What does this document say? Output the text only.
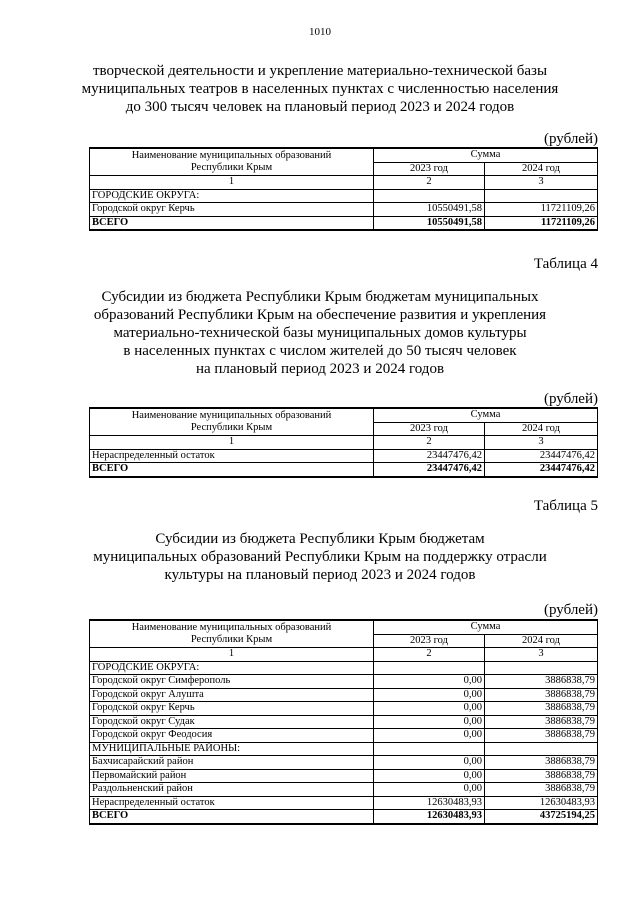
1010
творческой деятельности и укрепление материально-технической базы
муниципальных театров в населенных пунктах с численностью населения
до 300 тысяч человек на плановый период 2023 и 2024 годов
(рублей)
Наименование муниципальных образований
Республики Крым	Сумма	
	2023 год	2024 год
1	2	3
ГОРОДСКИЕ ОКРУГА:		
Городской округ Керчь	10550491,58	11721109,26
ВСЕГО	10550491,58	11721109,26
Таблица 4
Субсидии из бюджета Республики Крым бюджетам муниципальных
образований Республики Крым на обеспечение развития и укрепления
материально-технической базы муниципальных домов культуры
в населенных пунктах с числом жителей до 50 тысяч человек
на плановый период 2023 и 2024 годов
(рублей)
Наименование муниципальных образований
Республики Крым	Сумма	
	2023 год	2024 год
1	2	3
Нераспределенный остаток	23447476,42	23447476,42
ВСЕГО	23447476,42	23447476,42
Таблица 5
Субсидии из бюджета Республики Крым бюджетам
муниципальных образований Республики Крым на поддержку отрасли
культуры на плановый период 2023 и 2024 годов
(рублей)
Наименование муниципальных образований
Республики Крым	Сумма	
	2023 год	2024 год
1	2	3
ГОРОДСКИЕ ОКРУГА:		
Городской округ Симферополь	0,00	3886838,79
Городской округ Алушта	0,00	3886838,79
Городской округ Керчь	0,00	3886838,79
Городской округ Судак	0,00	3886838,79
Городской округ Феодосия	0,00	3886838,79
МУНИЦИПАЛЬНЫЕ РАЙОНЫ:		
Бахчисарайский район	0,00	3886838,79
Первомайский район	0,00	3886838,79
Раздольненский район	0,00	3886838,79
Нераспределенный остаток	12630483,93	12630483,93
ВСЕГО	12630483,93	43725194,25
